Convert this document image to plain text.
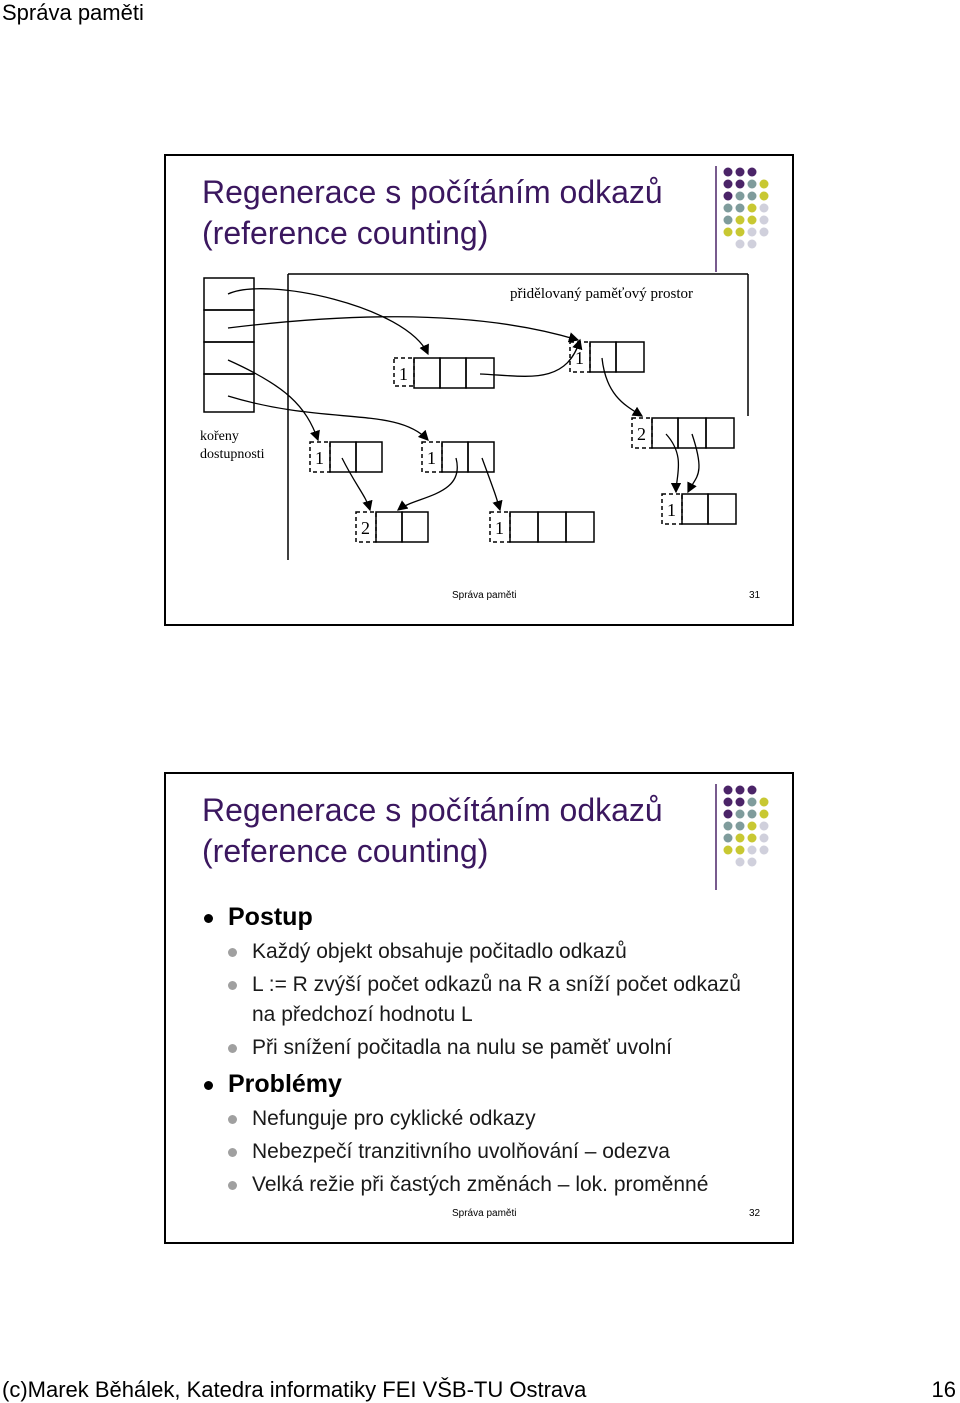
Správa paměti
Regenerace s počítáním odkazů (reference counting)
kořeny
dostupnosti
přidělovaný paměťový prostor
1
1
2
1	1
2	1
1
Správa paměti	31
Regenerace s počítáním odkazů (reference counting)
Postup
Každý objekt obsahuje počitadlo odkazů
L := R zvýší počet odkazů na R a sníží počet odkazů na předchozí hodnotu L
Při snížení počitadla na nulu se paměť uvolní
Problémy
Nefunguje pro cyklické odkazy
Nebezpečí tranzitivního uvolňování – odezva
Velká režie při častých změnách – lok. proměnné
Správa paměti	32
(c)Marek Běhálek, Katedra informatiky FEI VŠB-TU Ostrava	16
